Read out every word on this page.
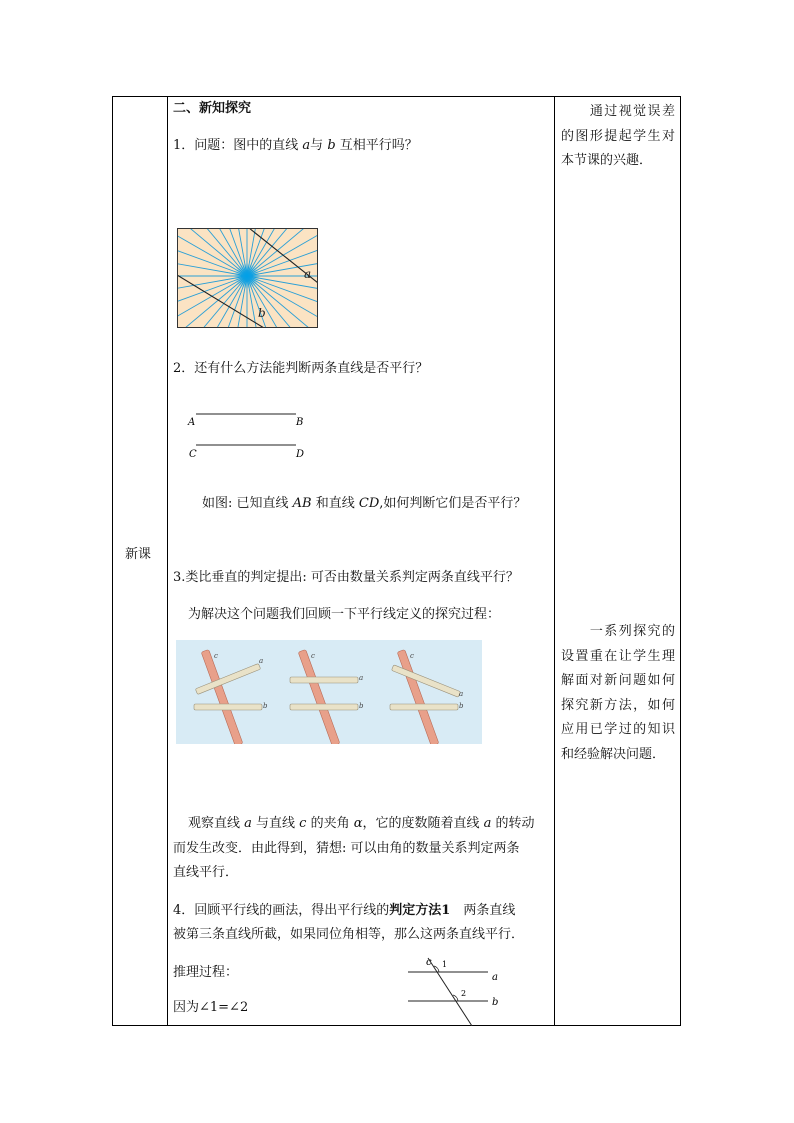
新课
二、新知探究
1．问题：图中的直线 a与 b 互相平行吗？
a
b
2．还有什么方法能判断两条直线是否平行？
A	B
C	D
如图: 已知直线 AB 和直线 CD,如何判断它们是否平行？
3.类比垂直的判定提出: 可否由数量关系判定两条直线平行？
为解决这个问题我们回顾一下平行线定义的探究过程：
c
a
b
c
a
b
c
a
b
观察直线 a 与直线 c 的夹角 α，它的度数随着直线 a 的转动
而发生改变．由此得到，猜想: 可以由角的数量关系判定两条
直线平行．
4．回顾平行线的画法，得出平行线的判定方法1　两条直线
被第三条直线所截，如果同位角相等，那么这两条直线平行．
推理过程：
因为∠1=∠2
c 1
2
a
b
　　通过视觉误差的图形提起学生对本节课的兴趣．
　　一系列探究的设置重在让学生理解面对新问题如何探究新方法，如何应用已学过的知识和经验解决问题．
